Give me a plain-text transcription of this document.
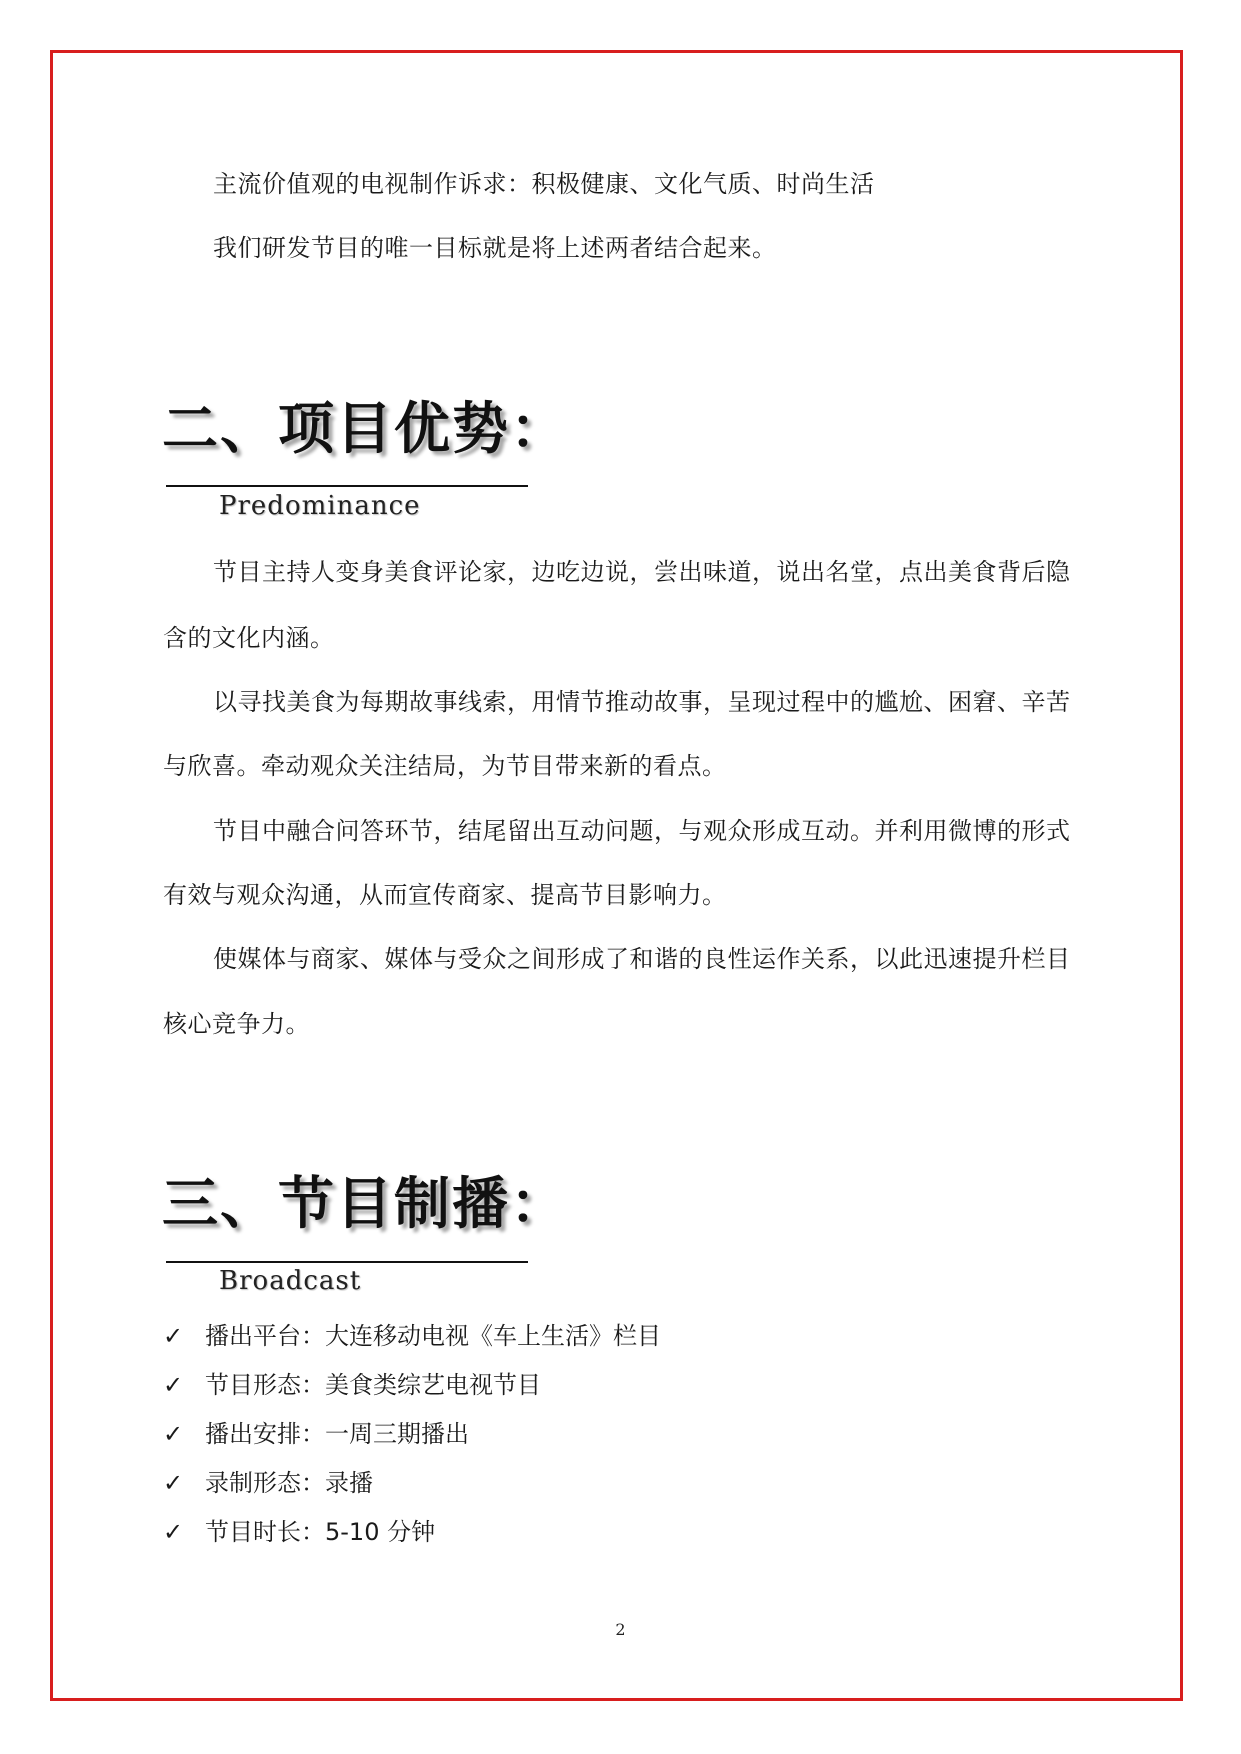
主流价值观的电视制作诉求：积极健康、文化气质、时尚生活
我们研发节目的唯一目标就是将上述两者结合起来。
二、项目优势：
Predominance
节目主持人变身美食评论家，边吃边说，尝出味道，说出名堂，点出美食背后隐
含的文化内涵。
以寻找美食为每期故事线索，用情节推动故事，呈现过程中的尴尬、困窘、辛苦
与欣喜。牵动观众关注结局，为节目带来新的看点。
节目中融合问答环节，结尾留出互动问题，与观众形成互动。并利用微博的形式
有效与观众沟通，从而宣传商家、提高节目影响力。
使媒体与商家、媒体与受众之间形成了和谐的良性运作关系，以此迅速提升栏目
核心竞争力。
三、节目制播：
Broadcast
✓ 播出平台：大连移动电视《车上生活》栏目
✓ 节目形态：美食类综艺电视节目
✓ 播出安排：一周三期播出
✓ 录制形态：录播
✓ 节目时长：5-10 分钟
2
